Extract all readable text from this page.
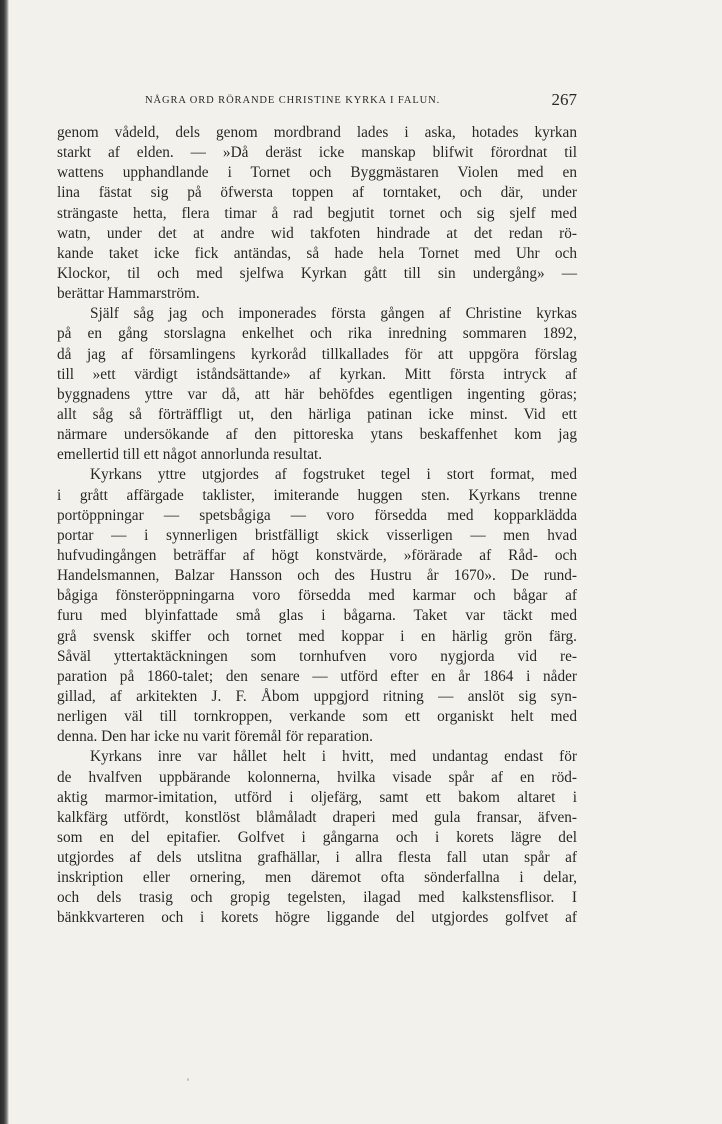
NÅGRA ORD RÖRANDE CHRISTINE KYRKA I FALUN.	267
genom vådeld, dels genom mordbrand lades i aska, hotades kyrkan
starkt af elden. — »Då deräst icke manskap blifwit förordnat til
wattens upphandlande i Tornet och Byggmästaren Violen med en
lina fästat sig på öfwersta toppen af torntaket, och där, under
strängaste hetta, flera timar å rad begjutit tornet och sig sjelf med
watn, under det at andre wid takfoten hindrade at det redan rö-
kande taket icke fick antändas, så hade hela Tornet med Uhr och
Klockor, til och med sjelfwa Kyrkan gått till sin undergång» —
berättar Hammarström.
Själf såg jag och imponerades första gången af Christine kyrkas
på en gång storslagna enkelhet och rika inredning sommaren 1892,
då jag af församlingens kyrkoråd tillkallades för att uppgöra förslag
till »ett värdigt iståndsättande» af kyrkan. Mitt första intryck af
byggnadens yttre var då, att här behöfdes egentligen ingenting göras;
allt såg så förträffligt ut, den härliga patinan icke minst. Vid ett
närmare undersökande af den pittoreska ytans beskaffenhet kom jag
emellertid till ett något annorlunda resultat.
Kyrkans yttre utgjordes af fogstruket tegel i stort format, med
i grått affärgade taklister, imiterande huggen sten. Kyrkans trenne
portöppningar — spetsbågiga — voro försedda med kopparklädda
portar — i synnerligen bristfälligt skick visserligen — men hvad
hufvudingången beträffar af högt konstvärde, »förärade af Råd- och
Handelsmannen, Balzar Hansson och des Hustru år 1670». De rund-
bågiga fönsteröppningarna voro försedda med karmar och bågar af
furu med blyinfattade små glas i bågarna. Taket var täckt med
grå svensk skiffer och tornet med koppar i en härlig grön färg.
Såväl yttertaktäckningen som tornhufven voro nygjorda vid re-
paration på 1860-talet; den senare — utförd efter en år 1864 i nåder
gillad, af arkitekten J. F. Åbom uppgjord ritning — anslöt sig syn-
nerligen väl till tornkroppen, verkande som ett organiskt helt med
denna. Den har icke nu varit föremål för reparation.
Kyrkans inre var hållet helt i hvitt, med undantag endast för
de hvalfven uppbärande kolonnerna, hvilka visade spår af en röd-
aktig marmor-imitation, utförd i oljefärg, samt ett bakom altaret i
kalkfärg utfördt, konstlöst blåmåladt draperi med gula fransar, äfven-
som en del epitafier. Golfvet i gångarna och i korets lägre del
utgjordes af dels utslitna grafhällar, i allra flesta fall utan spår af
inskription eller ornering, men däremot ofta sönderfallna i delar,
och dels trasig och gropig tegelsten, ilagad med kalkstensflisor. I
bänkkvarteren och i korets högre liggande del utgjordes golfvet af
